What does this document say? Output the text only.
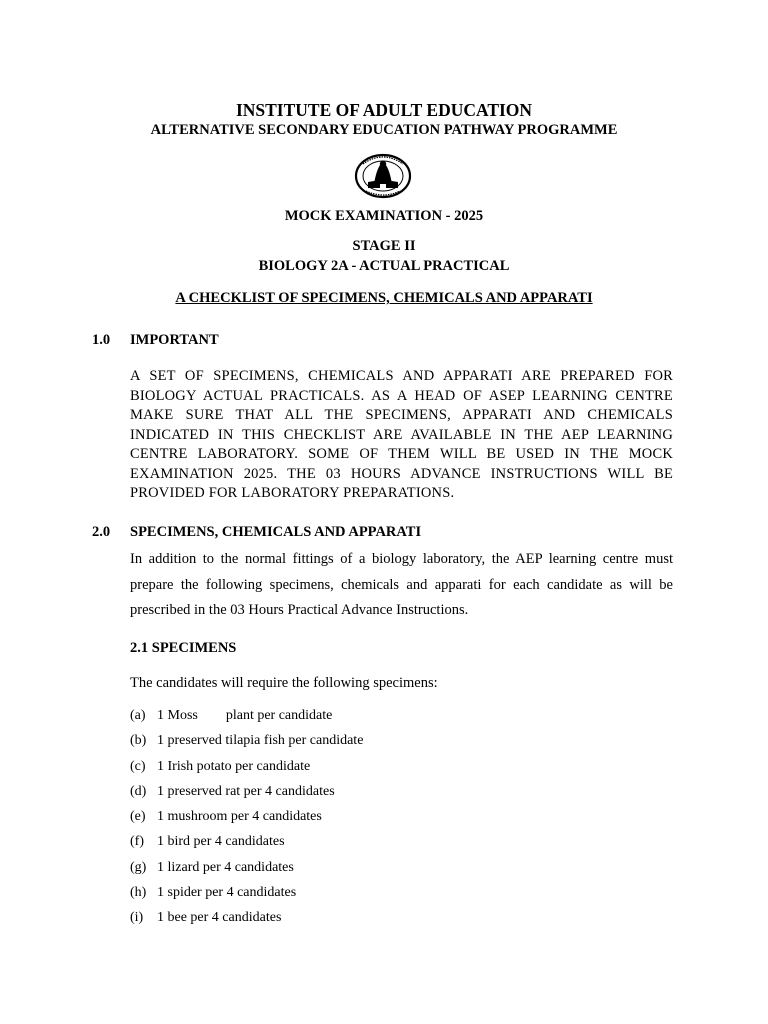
INSTITUTE OF ADULT EDUCATION
ALTERNATIVE SECONDARY EDUCATION PATHWAY PROGRAMME
MOCK EXAMINATION - 2025
STAGE II
BIOLOGY 2A - ACTUAL PRACTICAL
A CHECKLIST OF SPECIMENS, CHEMICALS AND APPARATI
1.0 IMPORTANT
A SET OF SPECIMENS, CHEMICALS AND APPARATI ARE PREPARED FOR BIOLOGY ACTUAL PRACTICALS. AS A HEAD OF ASEP LEARNING CENTRE MAKE SURE THAT ALL THE SPECIMENS, APPARATI AND CHEMICALS INDICATED IN THIS CHECKLIST ARE AVAILABLE IN THE AEP LEARNING CENTRE LABORATORY. SOME OF THEM WILL BE USED IN THE MOCK EXAMINATION 2025. THE 03 HOURS ADVANCE INSTRUCTIONS WILL BE PROVIDED FOR LABORATORY PREPARATIONS.
2.0 SPECIMENS, CHEMICALS AND APPARATI
In addition to the normal fittings of a biology laboratory, the AEP learning centre must prepare the following specimens, chemicals and apparati for each candidate as will be prescribed in the 03 Hours Practical Advance Instructions.
2.1 SPECIMENS
The candidates will require the following specimens:
(a) 1 Moss        plant per candidate
(b) 1 preserved tilapia fish per candidate
(c) 1 Irish potato per candidate
(d) 1 preserved rat per 4 candidates
(e) 1 mushroom per 4 candidates
(f) 1 bird per 4 candidates
(g) 1 lizard per 4 candidates
(h) 1 spider per 4 candidates
(i) 1 bee per 4 candidates
